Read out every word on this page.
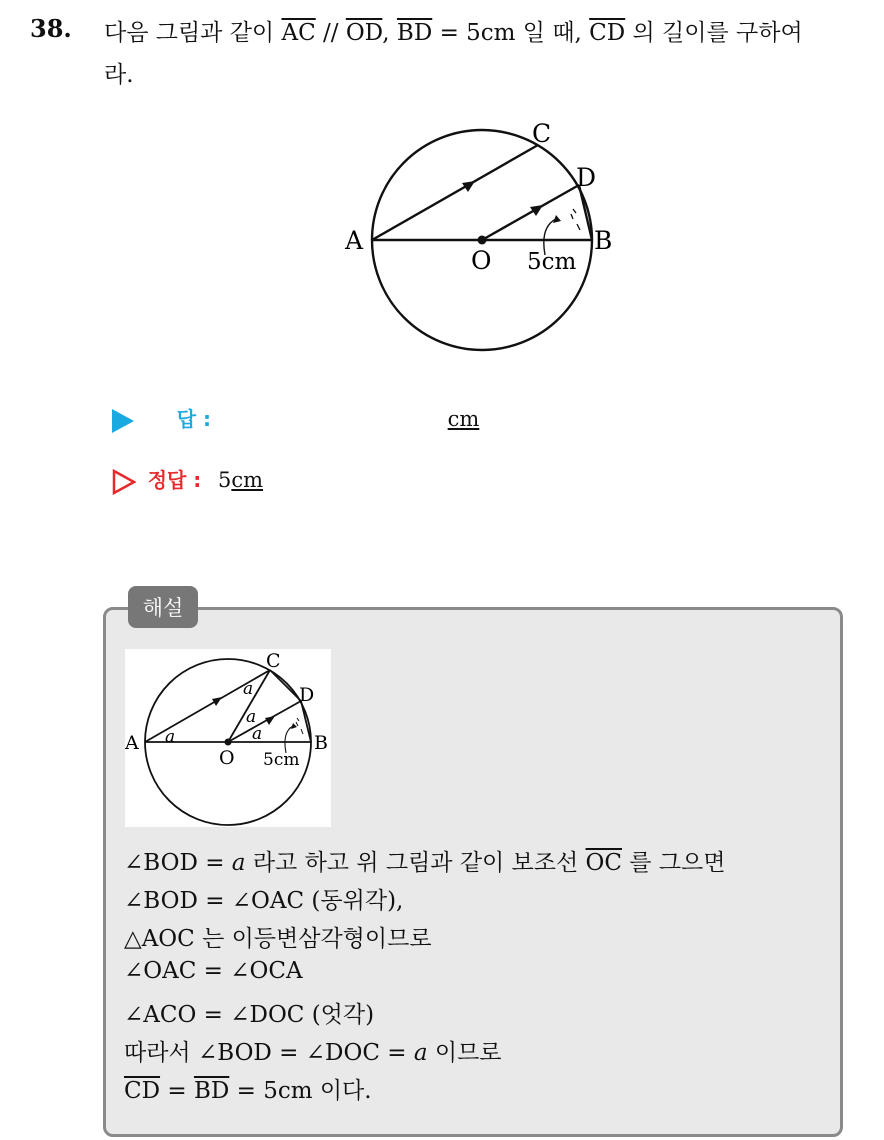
38. 다음 그림과 같이 $\overline{AC} // \overline{OD}$, $\overline{BD} = 5cm$ 일 때, $\overline{CD}$ 의 길이를 구하여
라.
A	B
C
D
O 5cm
답 :	cm
정답 : 5cm
해설
A	B
C
D
O 5cm
a
a
a
a
∠BOD = a 라고 하고 위 그림과 같이 보조선 $\overline{OC}$ 를 그으면
∠BOD = ∠OAC (동위각),
△AOC 는 이등변삼각형이므로
∠OAC = ∠OCA
∠ACO = ∠DOC (엇각)
따라서 ∠BOD = ∠DOC = a 이므로
$\overline{CD} = \overline{BD} = 5cm$ 이다.
